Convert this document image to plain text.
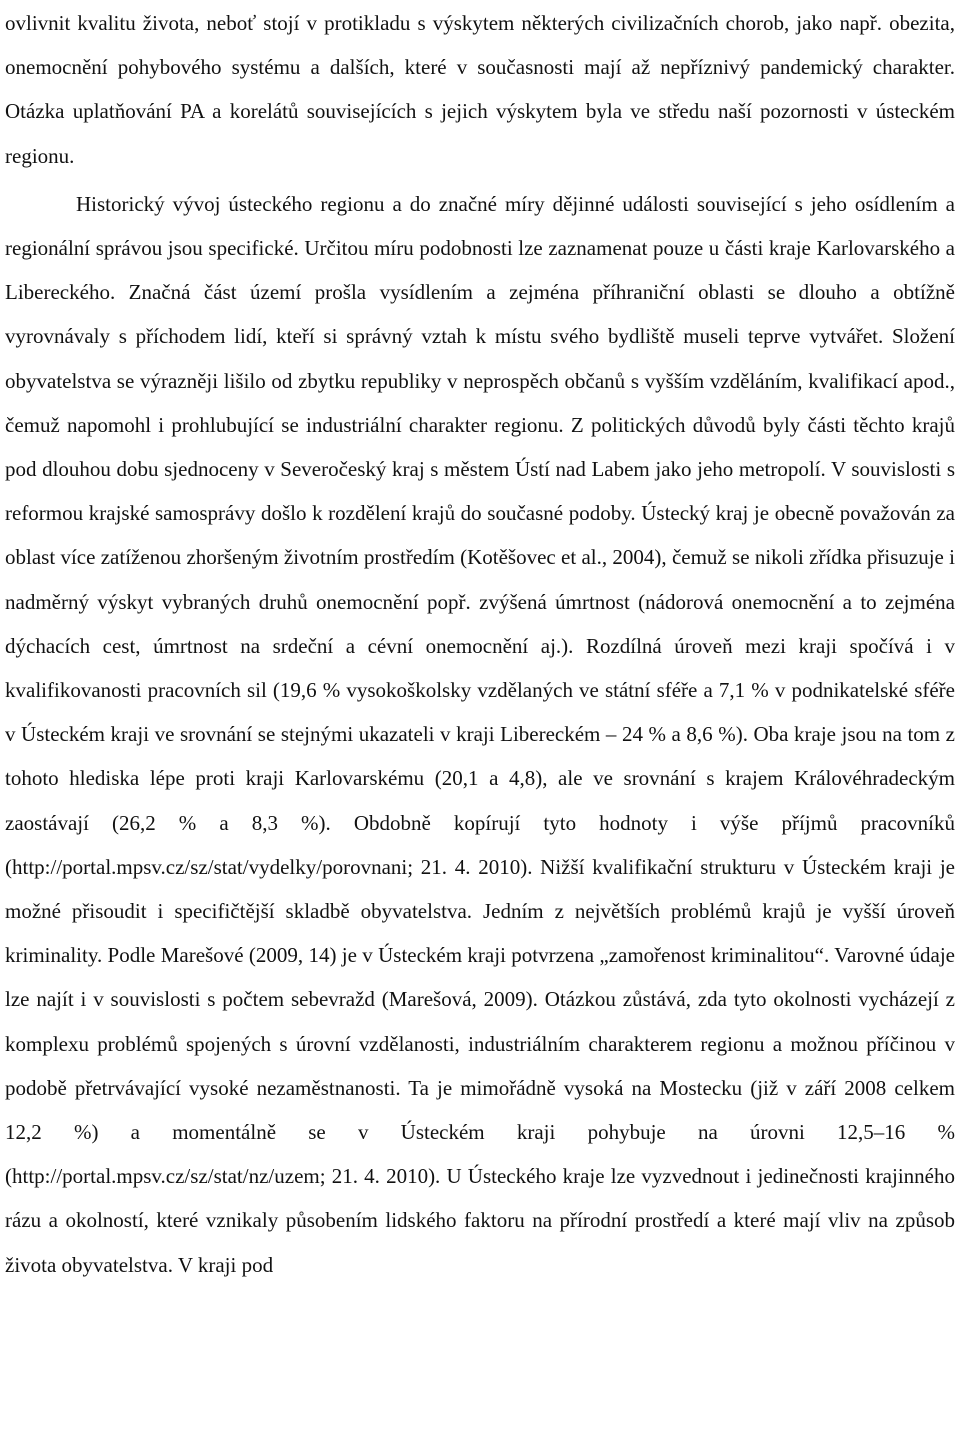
ovlivnit kvalitu života, neboť stojí v protikladu s výskytem některých civilizačních chorob, jako např. obezita, onemocnění pohybového systému a dalších, které v současnosti mají až nepříznivý pandemický charakter. Otázka uplatňování PA a korelátů souvisejících s jejich výskytem byla ve středu naší pozornosti v ústeckém regionu.

Historický vývoj ústeckého regionu a do značné míry dějinné události související s jeho osídlením a regionální správou jsou specifické. Určitou míru podobnosti lze zaznamenat pouze u části kraje Karlovarského a Libereckého. Značná část území prošla vysídlením a zejména příhraniční oblasti se dlouho a obtížně vyrovnávaly s příchodem lidí, kteří si správný vztah k místu svého bydliště museli teprve vytvářet. Složení obyvatelstva se výrazněji lišilo od zbytku republiky v neprospěch občanů s vyšším vzděláním, kvalifikací apod., čemuž napomohl i prohlubující se industriální charakter regionu. Z politických důvodů byly části těchto krajů pod dlouhou dobu sjednoceny v Severočeský kraj s městem Ústí nad Labem jako jeho metropolí. V souvislosti s reformou krajské samosprávy došlo k rozdělení krajů do současné podoby. Ústecký kraj je obecně považován za oblast více zatíženou zhoršeným životním prostředím (Kotěšovec et al., 2004), čemuž se nikoli zřídka přisuzuje i nadměrný výskyt vybraných druhů onemocnění popř. zvýšená úmrtnost (nádorová onemocnění a to zejména dýchacích cest, úmrtnost na srdeční a cévní onemocnění aj.). Rozdílná úroveň mezi kraji spočívá i v kvalifikovanosti pracovních sil (19,6 % vysokoškolsky vzdělaných ve státní sféře a 7,1 % v podnikatelské sféře v Ústeckém kraji ve srovnání se stejnými ukazateli v kraji Libereckém – 24 % a 8,6 %). Oba kraje jsou na tom z tohoto hlediska lépe proti kraji Karlovarskému (20,1 a 4,8), ale ve srovnání s krajem Královéhradeckým zaostávají (26,2 % a 8,3 %). Obdobně kopírují tyto hodnoty i výše příjmů pracovníků (http://portal.mpsv.cz/sz/stat/vydelky/porovnani; 21. 4. 2010). Nižší kvalifikační strukturu v Ústeckém kraji je možné přisoudit i specifičtější skladbě obyvatelstva. Jedním z největších problémů krajů je vyšší úroveň kriminality. Podle Marešové (2009, 14) je v Ústeckém kraji potvrzena „zamořenost kriminalitou“. Varovné údaje lze najít i v souvislosti s počtem sebevražd (Marešová, 2009). Otázkou zůstává, zda tyto okolnosti vycházejí z komplexu problémů spojených s úrovní vzdělanosti, industriálním charakterem regionu a možnou příčinou v podobě přetrvávající vysoké nezaměstnanosti. Ta je mimořádně vysoká na Mostecku (již v září 2008 celkem 12,2 %) a momentálně se v Ústeckém kraji pohybuje na úrovni 12,5–16 % (http://portal.mpsv.cz/sz/stat/nz/uzem; 21. 4. 2010). U Ústeckého kraje lze vyzvednout i jedinečnosti krajinného rázu a okolností, které vznikaly působením lidského faktoru na přírodní prostředí a které mají vliv na způsob života obyvatelstva. V kraji pod
